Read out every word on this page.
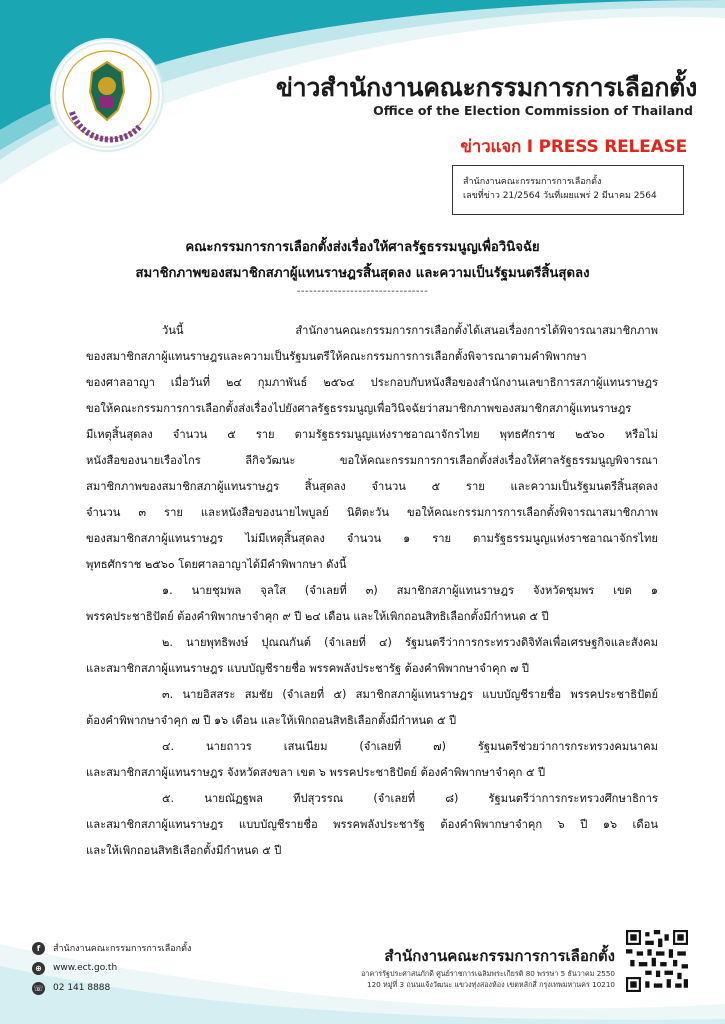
ข่าวสำนักงานคณะกรรมการการเลือกตั้ง
Office of the Election Commission of Thailand
ข่าวแจก I PRESS RELEASE
สำนักงานคณะกรรมการการเลือกตั้ง
เลขที่ข่าว 21/2564 วันที่เผยแพร่ 2 มีนาคม 2564
คณะกรรมการการเลือกตั้งส่งเรื่องให้ศาลรัฐธรรมนูญเพื่อวินิจฉัย
สมาชิกภาพของสมาชิกสภาผู้แทนราษฎรสิ้นสุดลง และความเป็นรัฐมนตรีสิ้นสุดลง
--------------------------------
วันนี้ สำนักงานคณะกรรมการการเลือกตั้งได้เสนอเรื่องการได้พิจารณาสมาชิกภาพ
ของสมาชิกสภาผู้แทนราษฎรและความเป็นรัฐมนตรีให้คณะกรรมการการเลือกตั้งพิจารณาตามคำพิพากษา
ของศาลอาญา เมื่อวันที่ ๒๔ กุมภาพันธ์ ๒๕๖๔ ประกอบกับหนังสือของสำนักงานเลขาธิการสภาผู้แทนราษฎร
ขอให้คณะกรรมการการเลือกตั้งส่งเรื่องไปยังศาลรัฐธรรมนูญเพื่อวินิจฉัยว่าสมาชิกภาพของสมาชิกสภาผู้แทนราษฎร
มีเหตุสิ้นสุดลง จำนวน ๕ ราย ตามรัฐธรรมนูญแห่งราชอาณาจักรไทย พุทธศักราช ๒๕๖๐ หรือไม่
หนังสือของนายเรืองไกร ลีกิจวัฒนะ ขอให้คณะกรรมการการเลือกตั้งส่งเรื่องให้ศาลรัฐธรรมนูญพิจารณา
สมาชิกภาพของสมาชิกสภาผู้แทนราษฎร สิ้นสุดลง จำนวน ๕ ราย และความเป็นรัฐมนตรีสิ้นสุดลง
จำนวน ๓ ราย และหนังสือของนายไพบูลย์ นิติตะวัน ขอให้คณะกรรมการการเลือกตั้งพิจารณาสมาชิกภาพ
ของสมาชิกสภาผู้แทนราษฎร ไม่มีเหตุสิ้นสุดลง จำนวน ๑ ราย ตามรัฐธรรมนูญแห่งราชอาณาจักรไทย
พุทธศักราช ๒๕๖๐ โดยศาลอาญาได้มีคำพิพากษา ดังนี้
๑. นายชุมพล จุลใส (จำเลยที่ ๓) สมาชิกสภาผู้แทนราษฎร จังหวัดชุมพร เขต ๑
พรรคประชาธิปัตย์ ต้องคำพิพากษาจำคุก ๙ ปี ๒๔ เดือน และให้เพิกถอนสิทธิเลือกตั้งมีกำหนด ๕ ปี
๒. นายพุทธิพงษ์ ปุณณกันต์ (จำเลยที่ ๔) รัฐมนตรีว่าการกระทรวงดิจิทัลเพื่อเศรษฐกิจและสังคม
และสมาชิกสภาผู้แทนราษฎร แบบบัญชีรายชื่อ พรรคพลังประชารัฐ ต้องคำพิพากษาจำคุก ๗ ปี
๓. นายอิสสระ สมชัย (จำเลยที่ ๕) สมาชิกสภาผู้แทนราษฎร แบบบัญชีรายชื่อ พรรคประชาธิปัตย์
ต้องคำพิพากษาจำคุก ๗ ปี ๑๖ เดือน และให้เพิกถอนสิทธิเลือกตั้งมีกำหนด ๕ ปี
๔. นายถาวร เสนเนียม (จำเลยที่ ๗) รัฐมนตรีช่วยว่าการกระทรวงคมนาคม
และสมาชิกสภาผู้แทนราษฎร จังหวัดสงขลา เขต ๖ พรรคประชาธิปัตย์ ต้องคำพิพากษาจำคุก ๕ ปี
๕. นายณัฏฐพล ทีปสุวรรณ (จำเลยที่ ๘) รัฐมนตรีว่าการกระทรวงศึกษาธิการ
และสมาชิกสภาผู้แทนราษฎร แบบบัญชีรายชื่อ พรรคพลังประชารัฐ ต้องคำพิพากษาจำคุก ๖ ปี ๑๖ เดือน
และให้เพิกถอนสิทธิเลือกตั้งมีกำหนด ๕ ปี
f	สำนักงานคณะกรรมการการเลือกตั้ง
⊕	www.ect.go.th
☏ 02 141 8888
สำนักงานคณะกรรมการการเลือกตั้ง
อาคารรัฐประศาสนภักดี ศูนย์ราชการเฉลิมพระเกียรติ 80 พรรษา 5 ธันวาคม 2550
120 หมู่ที่ 3 ถนนแจ้งวัฒนะ แขวงทุ่งสองห้อง เขตหลักสี่ กรุงเทพมหานคร 10210
